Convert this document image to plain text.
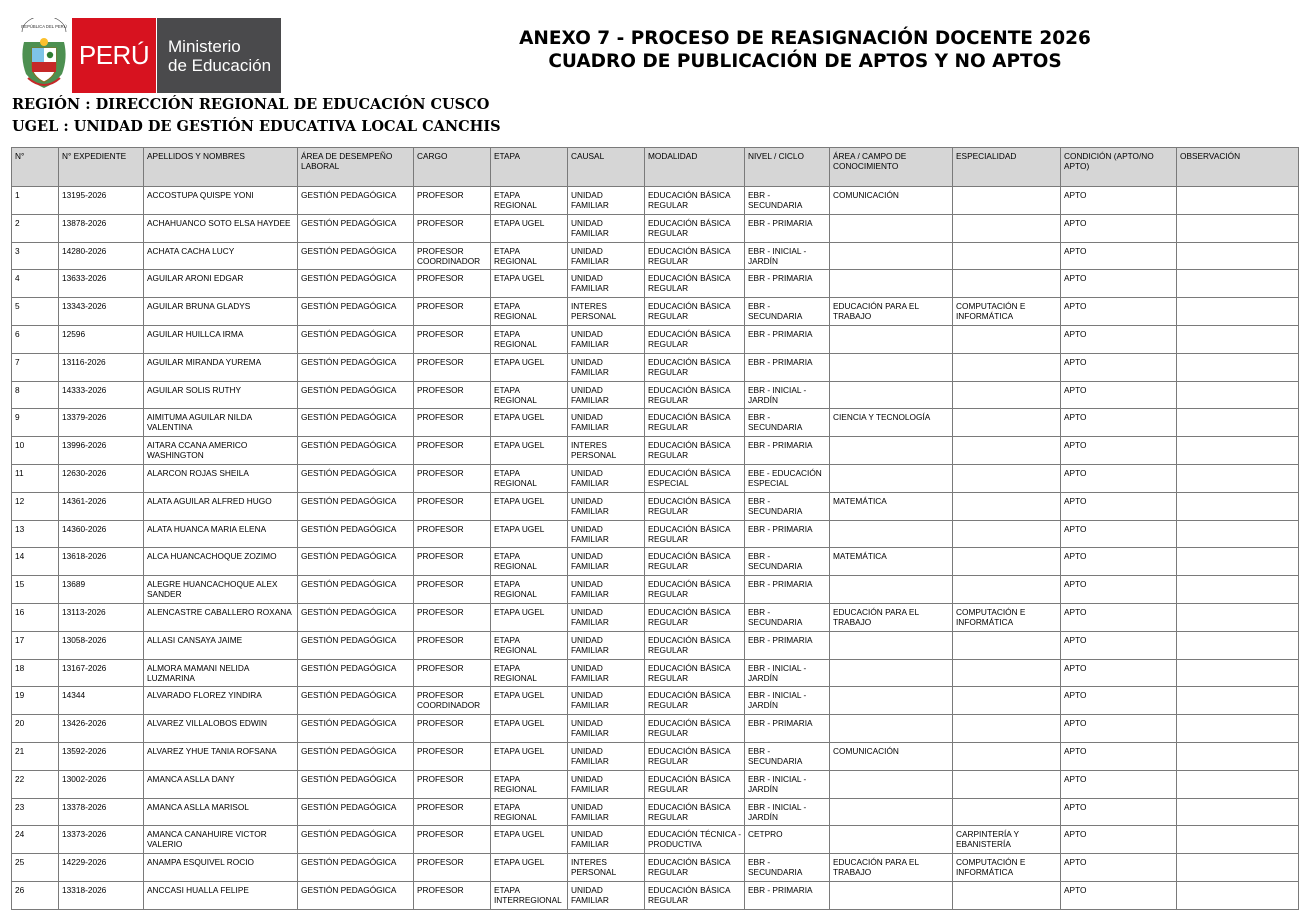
REPÚBLICA DEL PERÚ
PERÚ	Ministerio
de Educación
ANEXO 7 - PROCESO DE REASIGNACIÓN DOCENTE 2026
CUADRO DE PUBLICACIÓN DE APTOS Y NO APTOS
REGIÓN : DIRECCIÓN REGIONAL DE EDUCACIÓN CUSCO
UGEL : UNIDAD DE GESTIÓN EDUCATIVA LOCAL CANCHIS
N°	N° EXPEDIENTE	APELLIDOS Y NOMBRES	ÁREA DE DESEMPEÑO LABORAL	CARGO	ETAPA	CAUSAL	MODALIDAD	NIVEL / CICLO	ÁREA / CAMPO DE CONOCIMIENTO	ESPECIALIDAD	CONDICIÓN (APTO/NO APTO)	OBSERVACIÓN
1	13195-2026	ACCOSTUPA QUISPE YONI	GESTIÓN PEDAGÓGICA	PROFESOR	ETAPA REGIONAL	UNIDAD FAMILIAR	EDUCACIÓN BÁSICA REGULAR	EBR - SECUNDARIA	COMUNICACIÓN		APTO	
2	13878-2026	ACHAHUANCO SOTO ELSA HAYDEE	GESTIÓN PEDAGÓGICA	PROFESOR	ETAPA UGEL	UNIDAD FAMILIAR	EDUCACIÓN BÁSICA REGULAR	EBR - PRIMARIA			APTO	
3	14280-2026	ACHATA CACHA LUCY	GESTIÓN PEDAGÓGICA	PROFESOR COORDINADOR	ETAPA REGIONAL	UNIDAD FAMILIAR	EDUCACIÓN BÁSICA REGULAR	EBR - INICIAL - JARDÍN			APTO	
4	13633-2026	AGUILAR ARONI EDGAR	GESTIÓN PEDAGÓGICA	PROFESOR	ETAPA UGEL	UNIDAD FAMILIAR	EDUCACIÓN BÁSICA REGULAR	EBR - PRIMARIA			APTO	
5	13343-2026	AGUILAR BRUNA GLADYS	GESTIÓN PEDAGÓGICA	PROFESOR	ETAPA REGIONAL	INTERES PERSONAL	EDUCACIÓN BÁSICA REGULAR	EBR - SECUNDARIA	EDUCACIÓN PARA EL TRABAJO	COMPUTACIÓN E INFORMÁTICA	APTO	
6	12596	AGUILAR HUILLCA IRMA	GESTIÓN PEDAGÓGICA	PROFESOR	ETAPA REGIONAL	UNIDAD FAMILIAR	EDUCACIÓN BÁSICA REGULAR	EBR - PRIMARIA			APTO	
7	13116-2026	AGUILAR MIRANDA YUREMA	GESTIÓN PEDAGÓGICA	PROFESOR	ETAPA UGEL	UNIDAD FAMILIAR	EDUCACIÓN BÁSICA REGULAR	EBR - PRIMARIA			APTO	
8	14333-2026	AGUILAR SOLIS RUTHY	GESTIÓN PEDAGÓGICA	PROFESOR	ETAPA REGIONAL	UNIDAD FAMILIAR	EDUCACIÓN BÁSICA REGULAR	EBR - INICIAL - JARDÍN			APTO	
9	13379-2026	AIMITUMA AGUILAR NILDA VALENTINA	GESTIÓN PEDAGÓGICA	PROFESOR	ETAPA UGEL	UNIDAD FAMILIAR	EDUCACIÓN BÁSICA REGULAR	EBR - SECUNDARIA	CIENCIA Y TECNOLOGÍA		APTO	
10	13996-2026	AITARA CCANA AMERICO WASHINGTON	GESTIÓN PEDAGÓGICA	PROFESOR	ETAPA UGEL	INTERES PERSONAL	EDUCACIÓN BÁSICA REGULAR	EBR - PRIMARIA			APTO	
11	12630-2026	ALARCON ROJAS SHEILA	GESTIÓN PEDAGÓGICA	PROFESOR	ETAPA REGIONAL	UNIDAD FAMILIAR	EDUCACIÓN BÁSICA ESPECIAL	EBE - EDUCACIÓN ESPECIAL			APTO	
12	14361-2026	ALATA AGUILAR ALFRED HUGO	GESTIÓN PEDAGÓGICA	PROFESOR	ETAPA UGEL	UNIDAD FAMILIAR	EDUCACIÓN BÁSICA REGULAR	EBR - SECUNDARIA	MATEMÁTICA		APTO	
13	14360-2026	ALATA HUANCA MARIA ELENA	GESTIÓN PEDAGÓGICA	PROFESOR	ETAPA UGEL	UNIDAD FAMILIAR	EDUCACIÓN BÁSICA REGULAR	EBR - PRIMARIA			APTO	
14	13618-2026	ALCA HUANCACHOQUE ZOZIMO	GESTIÓN PEDAGÓGICA	PROFESOR	ETAPA REGIONAL	UNIDAD FAMILIAR	EDUCACIÓN BÁSICA REGULAR	EBR - SECUNDARIA	MATEMÁTICA		APTO	
15	13689	ALEGRE HUANCACHOQUE ALEX SANDER	GESTIÓN PEDAGÓGICA	PROFESOR	ETAPA REGIONAL	UNIDAD FAMILIAR	EDUCACIÓN BÁSICA REGULAR	EBR - PRIMARIA			APTO	
16	13113-2026	ALENCASTRE CABALLERO ROXANA	GESTIÓN PEDAGÓGICA	PROFESOR	ETAPA UGEL	UNIDAD FAMILIAR	EDUCACIÓN BÁSICA REGULAR	EBR - SECUNDARIA	EDUCACIÓN PARA EL TRABAJO	COMPUTACIÓN E INFORMÁTICA	APTO	
17	13058-2026	ALLASI CANSAYA JAIME	GESTIÓN PEDAGÓGICA	PROFESOR	ETAPA REGIONAL	UNIDAD FAMILIAR	EDUCACIÓN BÁSICA REGULAR	EBR - PRIMARIA			APTO	
18	13167-2026	ALMORA MAMANI NELIDA LUZMARINA	GESTIÓN PEDAGÓGICA	PROFESOR	ETAPA REGIONAL	UNIDAD FAMILIAR	EDUCACIÓN BÁSICA REGULAR	EBR - INICIAL - JARDÍN			APTO	
19	14344	ALVARADO FLOREZ YINDIRA	GESTIÓN PEDAGÓGICA	PROFESOR COORDINADOR	ETAPA UGEL	UNIDAD FAMILIAR	EDUCACIÓN BÁSICA REGULAR	EBR - INICIAL - JARDÍN			APTO	
20	13426-2026	ALVAREZ VILLALOBOS EDWIN	GESTIÓN PEDAGÓGICA	PROFESOR	ETAPA UGEL	UNIDAD FAMILIAR	EDUCACIÓN BÁSICA REGULAR	EBR - PRIMARIA			APTO	
21	13592-2026	ALVAREZ YHUE TANIA ROFSANA	GESTIÓN PEDAGÓGICA	PROFESOR	ETAPA UGEL	UNIDAD FAMILIAR	EDUCACIÓN BÁSICA REGULAR	EBR - SECUNDARIA	COMUNICACIÓN		APTO	
22	13002-2026	AMANCA ASLLA DANY	GESTIÓN PEDAGÓGICA	PROFESOR	ETAPA REGIONAL	UNIDAD FAMILIAR	EDUCACIÓN BÁSICA REGULAR	EBR - INICIAL - JARDÍN			APTO	
23	13378-2026	AMANCA ASLLA MARISOL	GESTIÓN PEDAGÓGICA	PROFESOR	ETAPA REGIONAL	UNIDAD FAMILIAR	EDUCACIÓN BÁSICA REGULAR	EBR - INICIAL - JARDÍN			APTO	
24	13373-2026	AMANCA CANAHUIRE VICTOR VALERIO	GESTIÓN PEDAGÓGICA	PROFESOR	ETAPA UGEL	UNIDAD FAMILIAR	EDUCACIÓN TÉCNICA - PRODUCTIVA	CETPRO		CARPINTERÍA Y EBANISTERÍA	APTO	
25	14229-2026	ANAMPA ESQUIVEL ROCIO	GESTIÓN PEDAGÓGICA	PROFESOR	ETAPA UGEL	INTERES PERSONAL	EDUCACIÓN BÁSICA REGULAR	EBR - SECUNDARIA	EDUCACIÓN PARA EL TRABAJO	COMPUTACIÓN E INFORMÁTICA	APTO	
26	13318-2026	ANCCASI HUALLA FELIPE	GESTIÓN PEDAGÓGICA	PROFESOR	ETAPA INTERREGIONAL	UNIDAD FAMILIAR	EDUCACIÓN BÁSICA REGULAR	EBR - PRIMARIA			APTO	
